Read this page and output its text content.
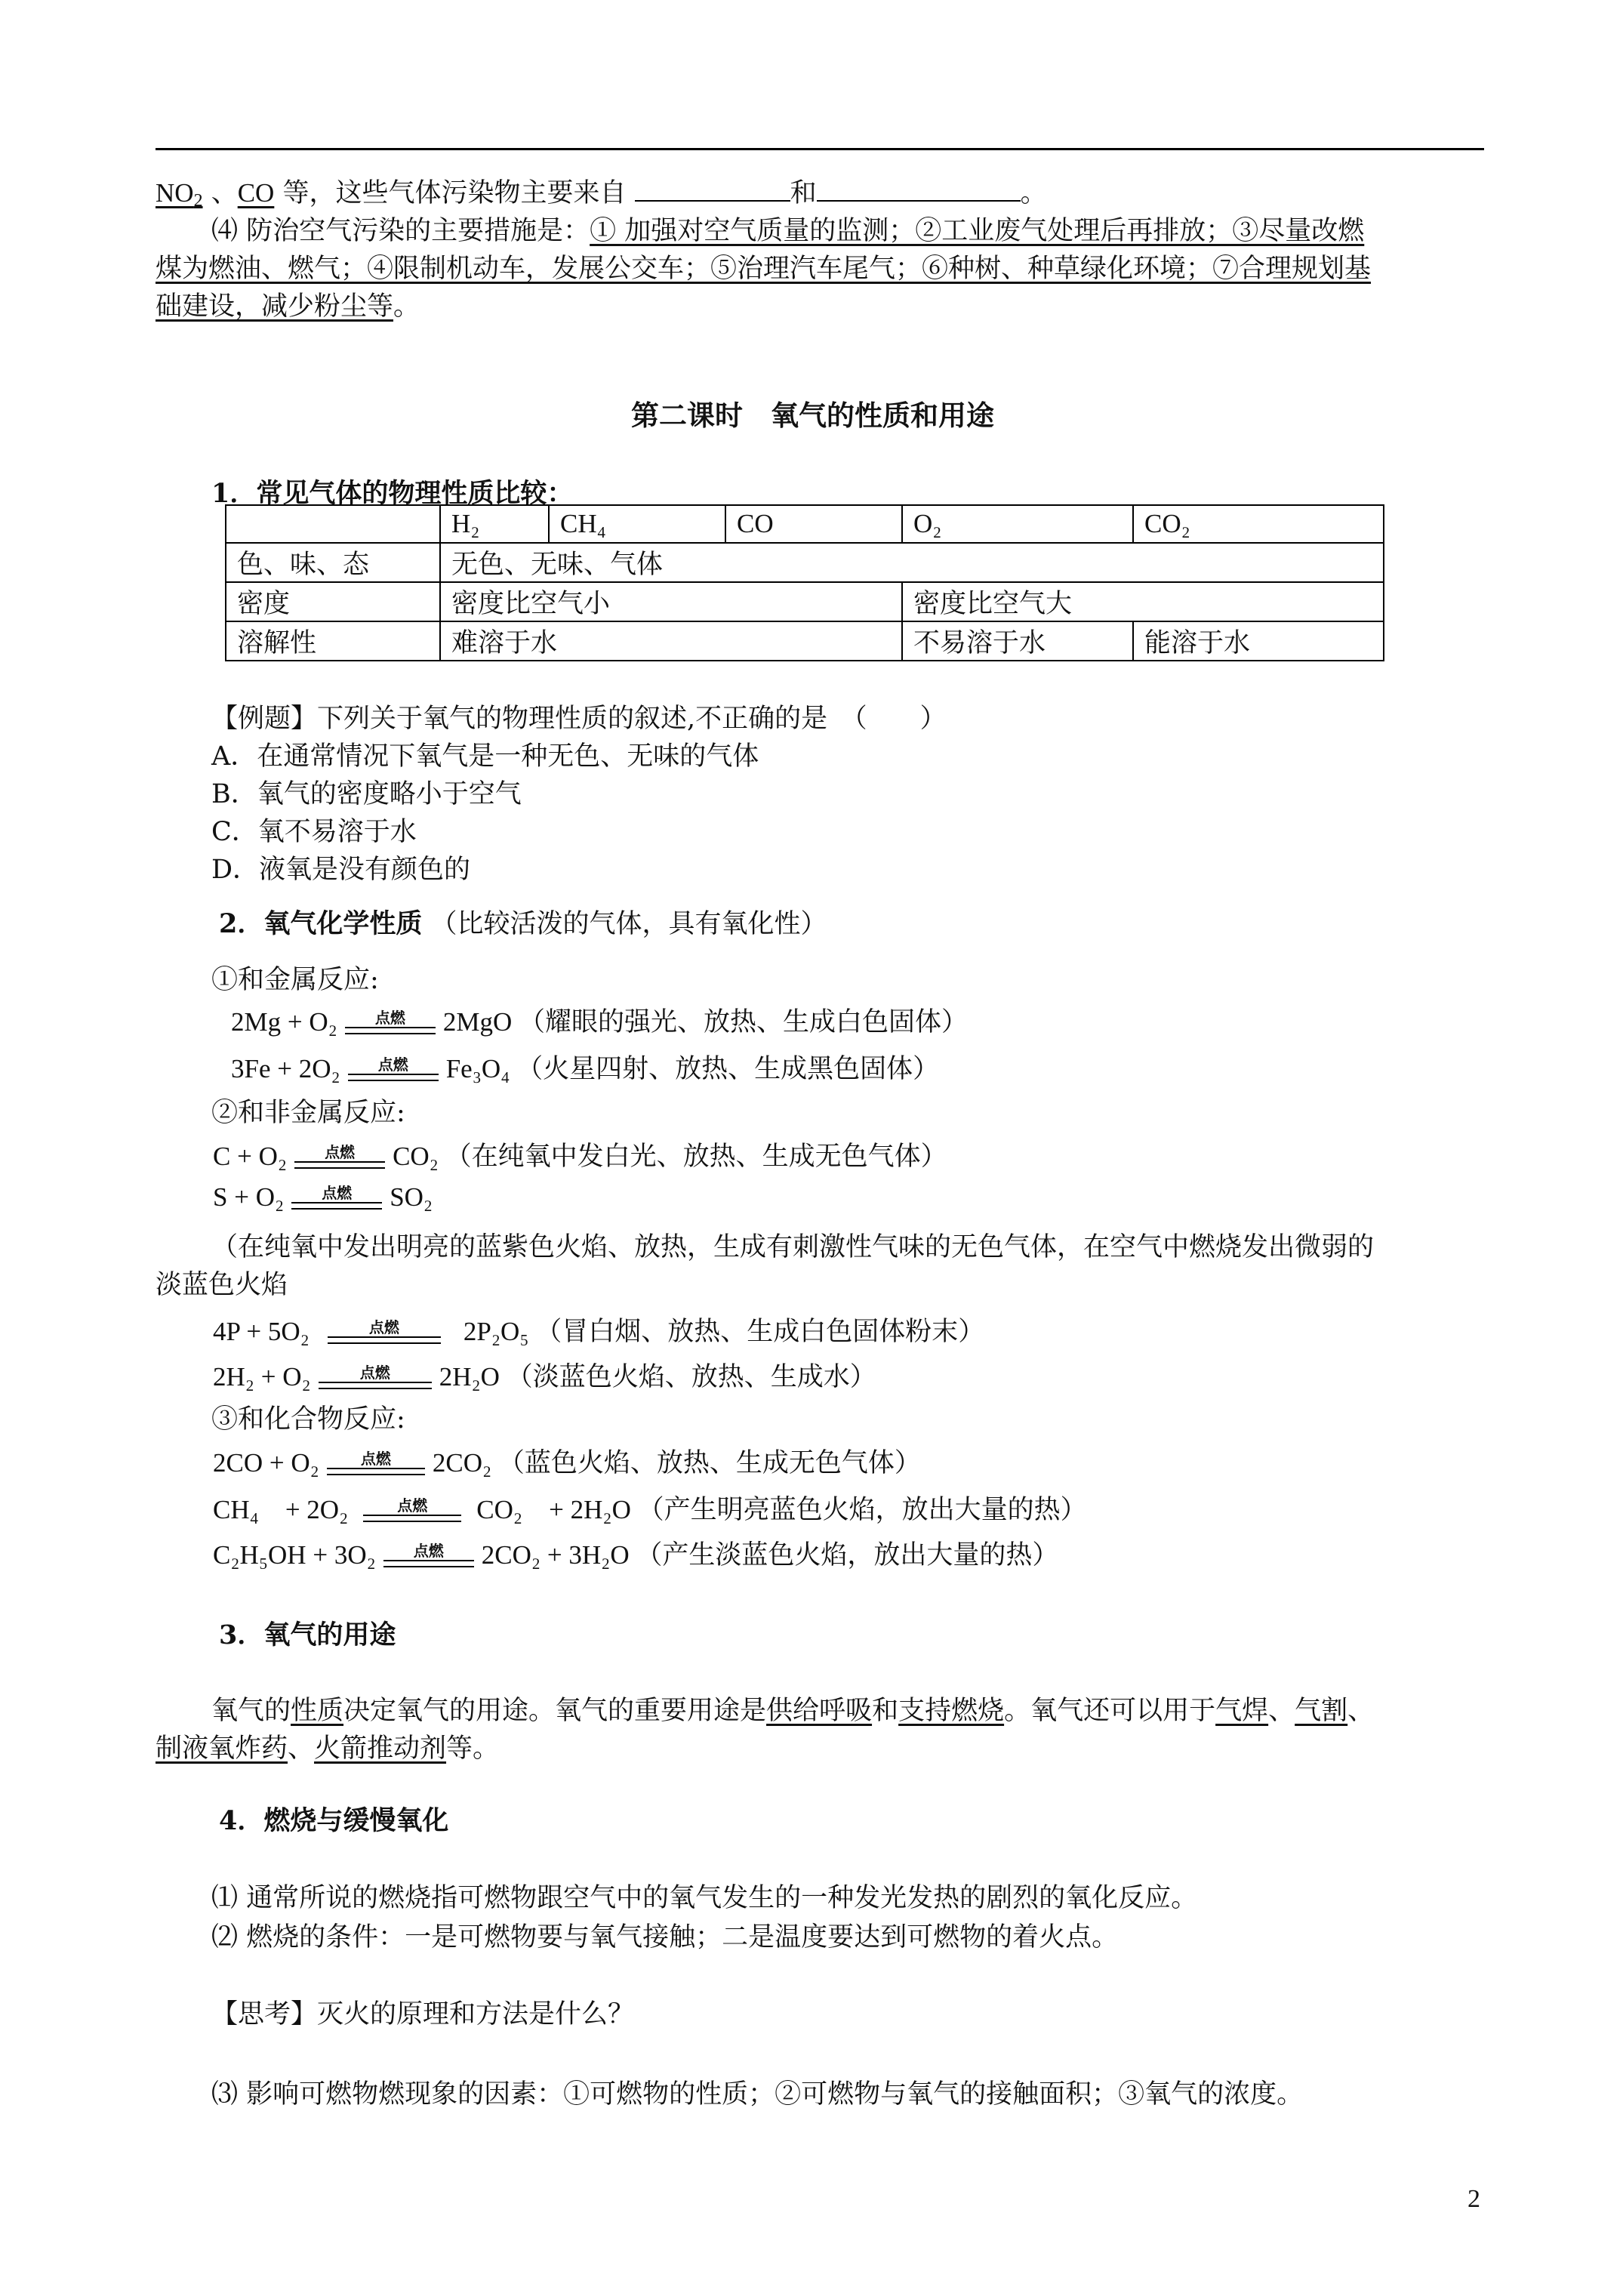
$NO_2$ 、CO 等，这些气体污染物主要来自	和	。
⑷ 防治空气污染的主要措施是：① 加强对空气质量的监测；②工业废气处理后再排放；③尽量改燃
煤为燃油、燃气；④限制机动车，发展公交车；⑤治理汽车尾气；⑥种树、种草绿化环境；⑦合理规划基
础建设，减少粉尘等。
第二课时　氧气的性质和用途
1．常见气体的物理性质比较：
	H₂	CH₄	CO	O₂	CO₂
色、味、态	无色、无味、气体				
密度	密度比空气小			密度比空气大	
溶解性	难溶于水			不易溶于水	能溶于水
【例题】下列关于氧气的物理性质的叙述,不正确的是　（　　）
A．在通常情况下氧气是一种无色、无味的气体
B．氧气的密度略小于空气
C．氧不易溶于水
D．液氧是没有颜色的
2．氧气化学性质 （比较活泼的气体，具有氧化性）
①和金属反应:
2Mg + O₂	点燃	2MgO （耀眼的强光、放热、生成白色固体）
3Fe + 2O₂	点燃	Fe₃O₄ （火星四射、放热、生成黑色固体）
②和非金属反应:
C + O₂	点燃	CO₂ （在纯氧中发白光、放热、生成无色气体）
S + O₂	点燃	SO₂
（在纯氧中发出明亮的蓝紫色火焰、放热，生成有刺激性气味的无色气体，在空气中燃烧发出微弱的
淡蓝色火焰
4P + 5O₂	点燃	2P₂O₅ （冒白烟、放热、生成白色固体粉末）
2H₂ + O₂	点燃	2H₂O （淡蓝色火焰、放热、生成水）
③和化合物反应:
2CO + O₂	点燃	2CO₂ （蓝色火焰、放热、生成无色气体）
CH₄　+ 2O₂	点燃	CO₂　+ 2H₂O （产生明亮蓝色火焰，放出大量的热）
C₂H₅OH + 3O₂	点燃	2CO₂ + 3H₂O （产生淡蓝色火焰，放出大量的热）
3．氧气的用途
氧气的性质决定氧气的用途。氧气的重要用途是供给呼吸和支持燃烧。氧气还可以用于气焊、气割、
制液氧炸药、火箭推动剂等。
4．燃烧与缓慢氧化
⑴ 通常所说的燃烧指可燃物跟空气中的氧气发生的一种发光发热的剧烈的氧化反应。
⑵ 燃烧的条件：一是可燃物要与氧气接触；二是温度要达到可燃物的着火点。
【思考】灭火的原理和方法是什么？
⑶ 影响可燃物燃现象的因素：①可燃物的性质；②可燃物与氧气的接触面积；③氧气的浓度。
2
